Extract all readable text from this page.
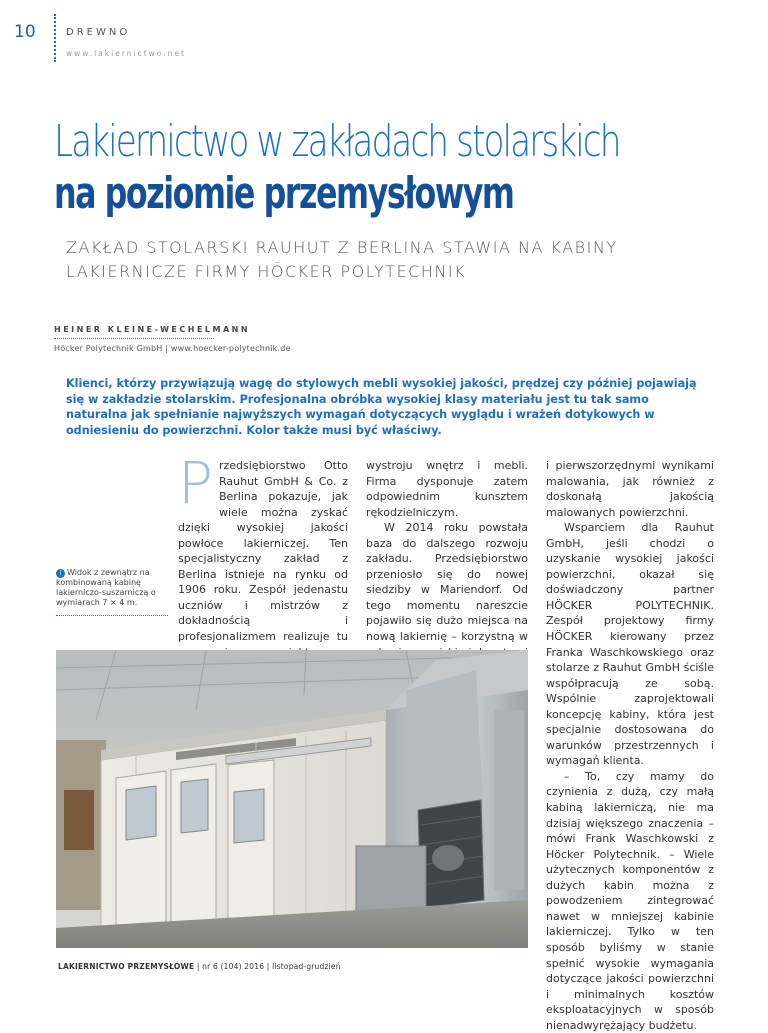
10	DREWNO
www.lakiernictwo.net
Lakiernictwo w zakładach stolarskich
na poziomie przemysłowym
ZAKŁAD STOLARSKI RAUHUT Z BERLINA STAWIA NA KABINY
LAKIERNICZE FIRMY HÖCKER POLYTECHNIK
HEINER KLEINE-WECHELMANN
Höcker Polytechnik GmbH | www.hoecker-polytechnik.de

Klienci, którzy przywiązują wagę do stylowych mebli wysokiej jakości, prędzej czy później pojawiają się w zakładzie stolarskim. Profesjonalna obróbka wysokiej klasy materiału jest tu tak samo naturalna jak spełnianie najwyższych wymagań dotyczących wyglądu i wrażeń dotykowych w odniesieniu do powierzchni. Kolor także musi być właściwy.

i Widok z zewnątrz na kombinowaną kabinę lakierniczo-suszarniczą o wymiarach 7 × 4 m.
P rzedsiębiorstwo Otto Rauhut GmbH & Co. z Berlina pokazuje, jak wiele można zyskać dzięki wysokiej jakości powłoce lakierniczej. Ten specjalistyczny zakład z Berlina istnieje na rynku od 1906 roku. Zespół jedenastu uczniów i mistrzów z dokładnością i profesjonalizmem realizuje tu

wystroju wnętrz i mebli. Firma dysponuje zatem odpowiednim kunsztem rękodzielniczym.

W 2014 roku powstała baza do dalszego rozwoju zakładu. Przedsiębiorstwo przeniosło się do nowej siedziby w Mariendorf. Od tego momentu nareszcie pojawiło się dużo miejsca na nową lakiernię – korzystną w

i pierwszorzędnymi wynikami malowania, jak również z doskonałą jakością malowanych powierzchni.

Wsparciem dla Rauhut GmbH, jeśli chodzi o uzyskanie wysokiej jakości powierzchni, okazał się doświadczony partner HÖCKER POLYTECHNIK. Zespół projektowy firmy HÖCKER kierowany przez Franka Waschkowskiego oraz stolarze z Rauhut GmbH ściśle współpracują ze sobą. Wspólnie zaprojektowali koncepcję kabiny, która jest specjalnie dostosowana do warunków przestrzennych i wymagań klienta.

– To, czy mamy do czynienia z dużą, czy małą kabiną lakierniczą, nie ma dzisiaj większego znaczenia – mówi Frank Waschkowski z Höcker Polytechnik. – Wiele użytecznych komponentów z dużych kabin można z powodzeniem zintegrować nawet w mniejszej kabinie lakierniczej. Tylko w ten sposób byliśmy w stanie spełnić wysokie wymagania dotyczące jakości powierzchni i minimalnych kosztów eksploatacyjnych w sposób nienadwyrężający budżetu.

LAKIERNICTWO PRZEMYSŁOWE | nr 6 (104) 2016 | listopad-grudzień
